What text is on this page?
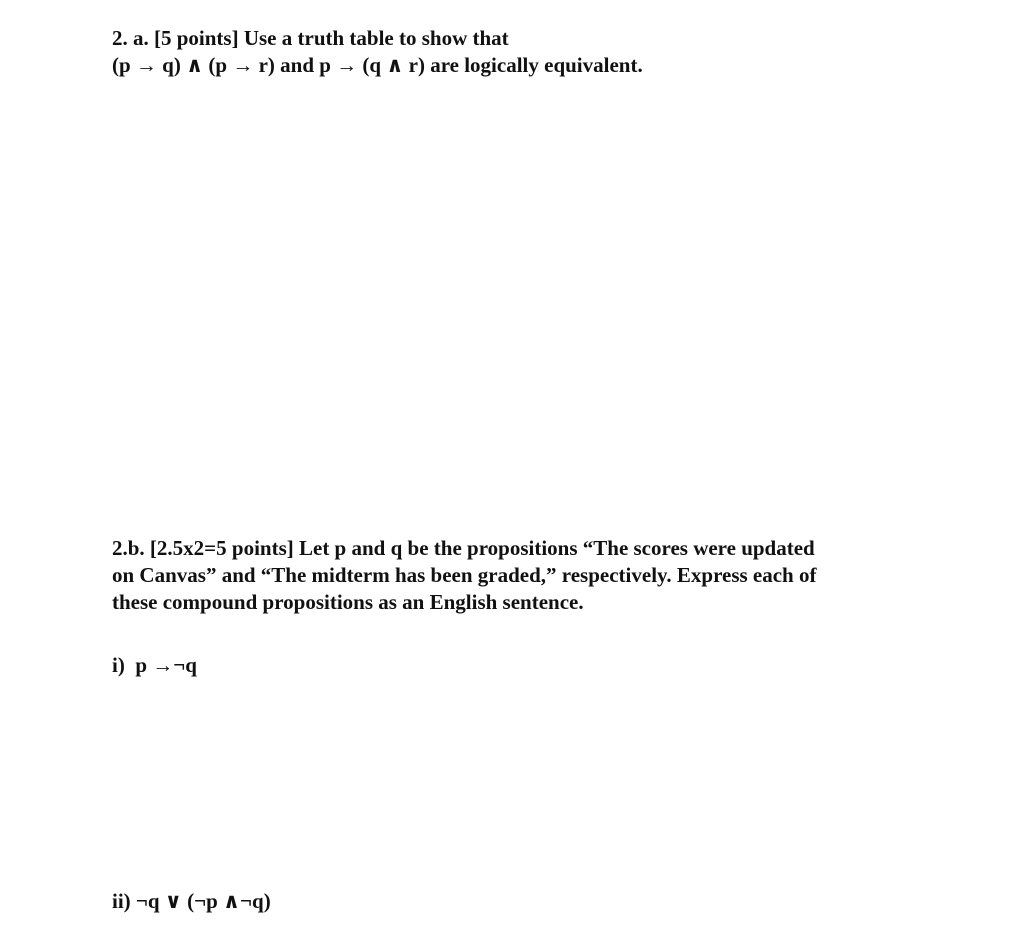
2. a. [5 points] Use a truth table to show that
(p → q) ∧ (p → r) and p → (q ∧ r) are logically equivalent.
2.b. [2.5x2=5 points] Let p and q be the propositions “The scores were updated
on Canvas” and “The midterm has been graded,” respectively. Express each of
these compound propositions as an English sentence.
i)  p →¬q
ii) ¬q ∨ (¬p ∧¬q)
